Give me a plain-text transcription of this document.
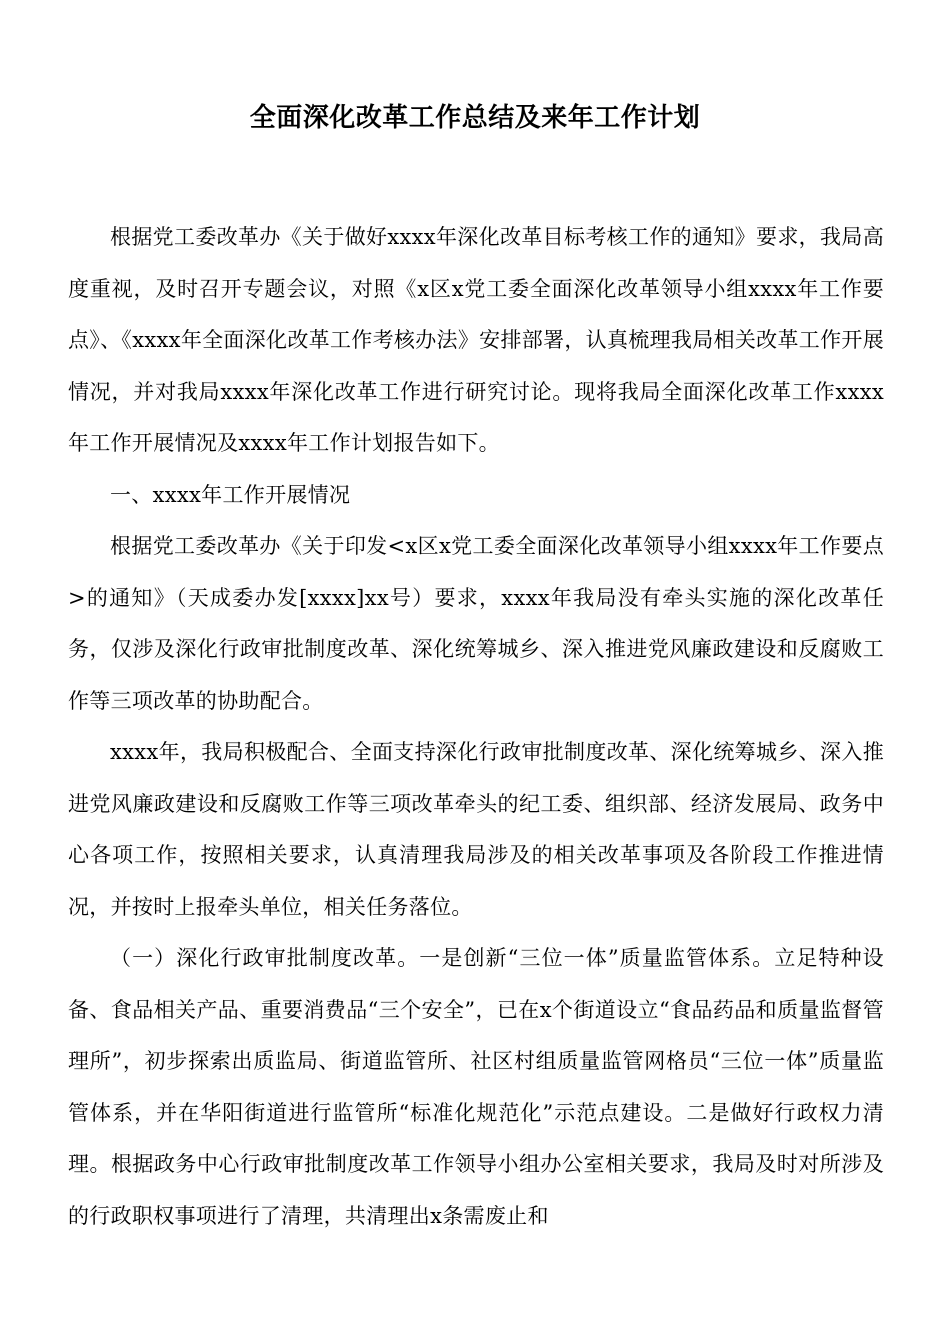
全面深化改革工作总结及来年工作计划

根据党工委改革办《关于做好xxxx年深化改革目标考核工作的通知》要求，我局高度重视，及时召开专题会议，对照《x区x党工委全面深化改革领导小组xxxx年工作要点》、《xxxx年全面深化改革工作考核办法》安排部署，认真梳理我局相关改革工作开展情况，并对我局xxxx年深化改革工作进行研究讨论。现将我局全面深化改革工作xxxx年工作开展情况及xxxx年工作计划报告如下。

一、xxxx年工作开展情况

根据党工委改革办《关于印发<x区x党工委全面深化改革领导小组xxxx年工作要点>的通知》（天成委办发[xxxx]xx号）要求，xxxx年我局没有牵头实施的深化改革任务，仅涉及深化行政审批制度改革、深化统筹城乡、深入推进党风廉政建设和反腐败工作等三项改革的协助配合。

xxxx年，我局积极配合、全面支持深化行政审批制度改革、深化统筹城乡、深入推进党风廉政建设和反腐败工作等三项改革牵头的纪工委、组织部、经济发展局、政务中心各项工作，按照相关要求，认真清理我局涉及的相关改革事项及各阶段工作推进情况，并按时上报牵头单位，相关任务落位。

（一）深化行政审批制度改革。一是创新“三位一体”质量监管体系。立足特种设备、食品相关产品、重要消费品“三个安全”，已在x个街道设立“食品药品和质量监督管理所”，初步探索出质监局、街道监管所、社区村组质量监管网格员“三位一体”质量监管体系，并在华阳街道进行监管所“标准化规范化”示范点建设。二是做好行政权力清理。根据政务中心行政审批制度改革工作领导小组办公室相关要求，我局及时对所涉及的行政职权事项进行了清理，共清理出x条需废止和
